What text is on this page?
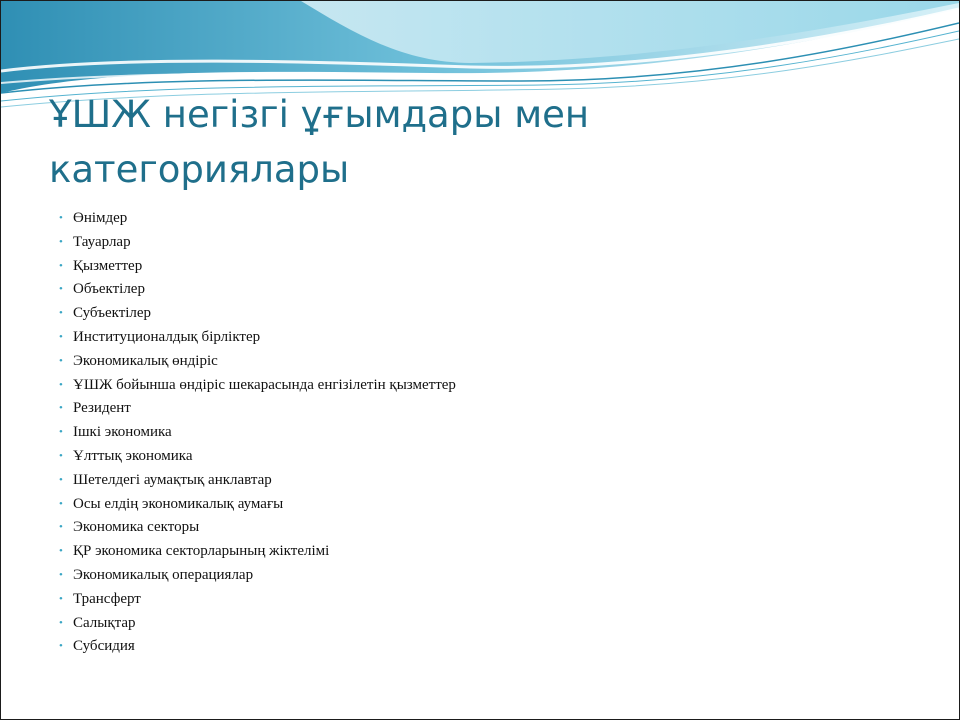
ҰШЖ негізгі ұғымдары мен
категориялары
• Өнімдер
• Тауарлар
• Қызметтер
• Объектілер
• Субъектілер
• Институционалдық бірліктер
• Экономикалық өндіріс
• ҰШЖ бойынша өндіріс шекарасында енгізілетін қызметтер
• Резидент
• Ішкі экономика
• Ұлттық экономика
• Шетелдегі аумақтық анклавтар
• Осы елдің экономикалық аумағы
• Экономика секторы
• ҚР экономика секторларының жіктелімі
• Экономикалық операциялар
• Трансферт
• Салықтар
• Субсидия
